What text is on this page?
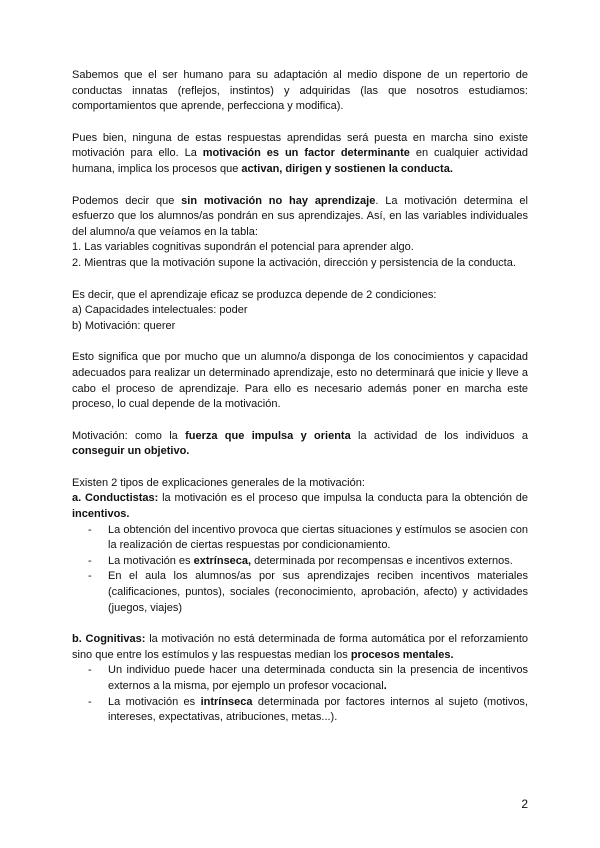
Sabemos que el ser humano para su adaptación al medio dispone de un repertorio de conductas innatas (reflejos, instintos) y adquiridas (las que nosotros estudiamos: comportamientos que aprende, perfecciona y modifica).

Pues bien, ninguna de estas respuestas aprendidas será puesta en marcha sino existe motivación para ello. La motivación es un factor determinante en cualquier actividad humana, implica los procesos que activan, dirigen y sostienen la conducta.

Podemos decir que sin motivación no hay aprendizaje. La motivación determina el esfuerzo que los alumnos/as pondrán en sus aprendizajes. Así, en las variables individuales del alumno/a que veíamos en la tabla:

1. Las variables cognitivas supondrán el potencial para aprender algo.

2. Mientras que la motivación supone la activación, dirección y persistencia de la conducta.

Es decir, que el aprendizaje eficaz se produzca depende de 2 condiciones:

a) Capacidades intelectuales: poder

b) Motivación: querer

Esto significa que por mucho que un alumno/a disponga de los conocimientos y capacidad adecuados para realizar un determinado aprendizaje, esto no determinará que inicie y lleve a cabo el proceso de aprendizaje. Para ello es necesario además poner en marcha este proceso, lo cual depende de la motivación.

Motivación: como la fuerza que impulsa y orienta la actividad de los individuos a conseguir un objetivo.

Existen 2 tipos de explicaciones generales de la motivación:

a. Conductistas: la motivación es el proceso que impulsa la conducta para la obtención de incentivos.

- La obtención del incentivo provoca que ciertas situaciones y estímulos se asocien con la realización de ciertas respuestas por condicionamiento.
- La motivación es extrínseca, determinada por recompensas e incentivos externos.
- En el aula los alumnos/as por sus aprendizajes reciben incentivos materiales (calificaciones, puntos), sociales (reconocimiento, aprobación, afecto) y actividades (juegos, viajes)

b. Cognitivas: la motivación no está determinada de forma automática por el reforzamiento sino que entre los estímulos y las respuestas median los procesos mentales.

- Un individuo puede hacer una determinada conducta sin la presencia de incentivos externos a la misma, por ejemplo un profesor vocacional.
- La motivación es intrínseca determinada por factores internos al sujeto (motivos, intereses, expectativas, atribuciones, metas...).
2
